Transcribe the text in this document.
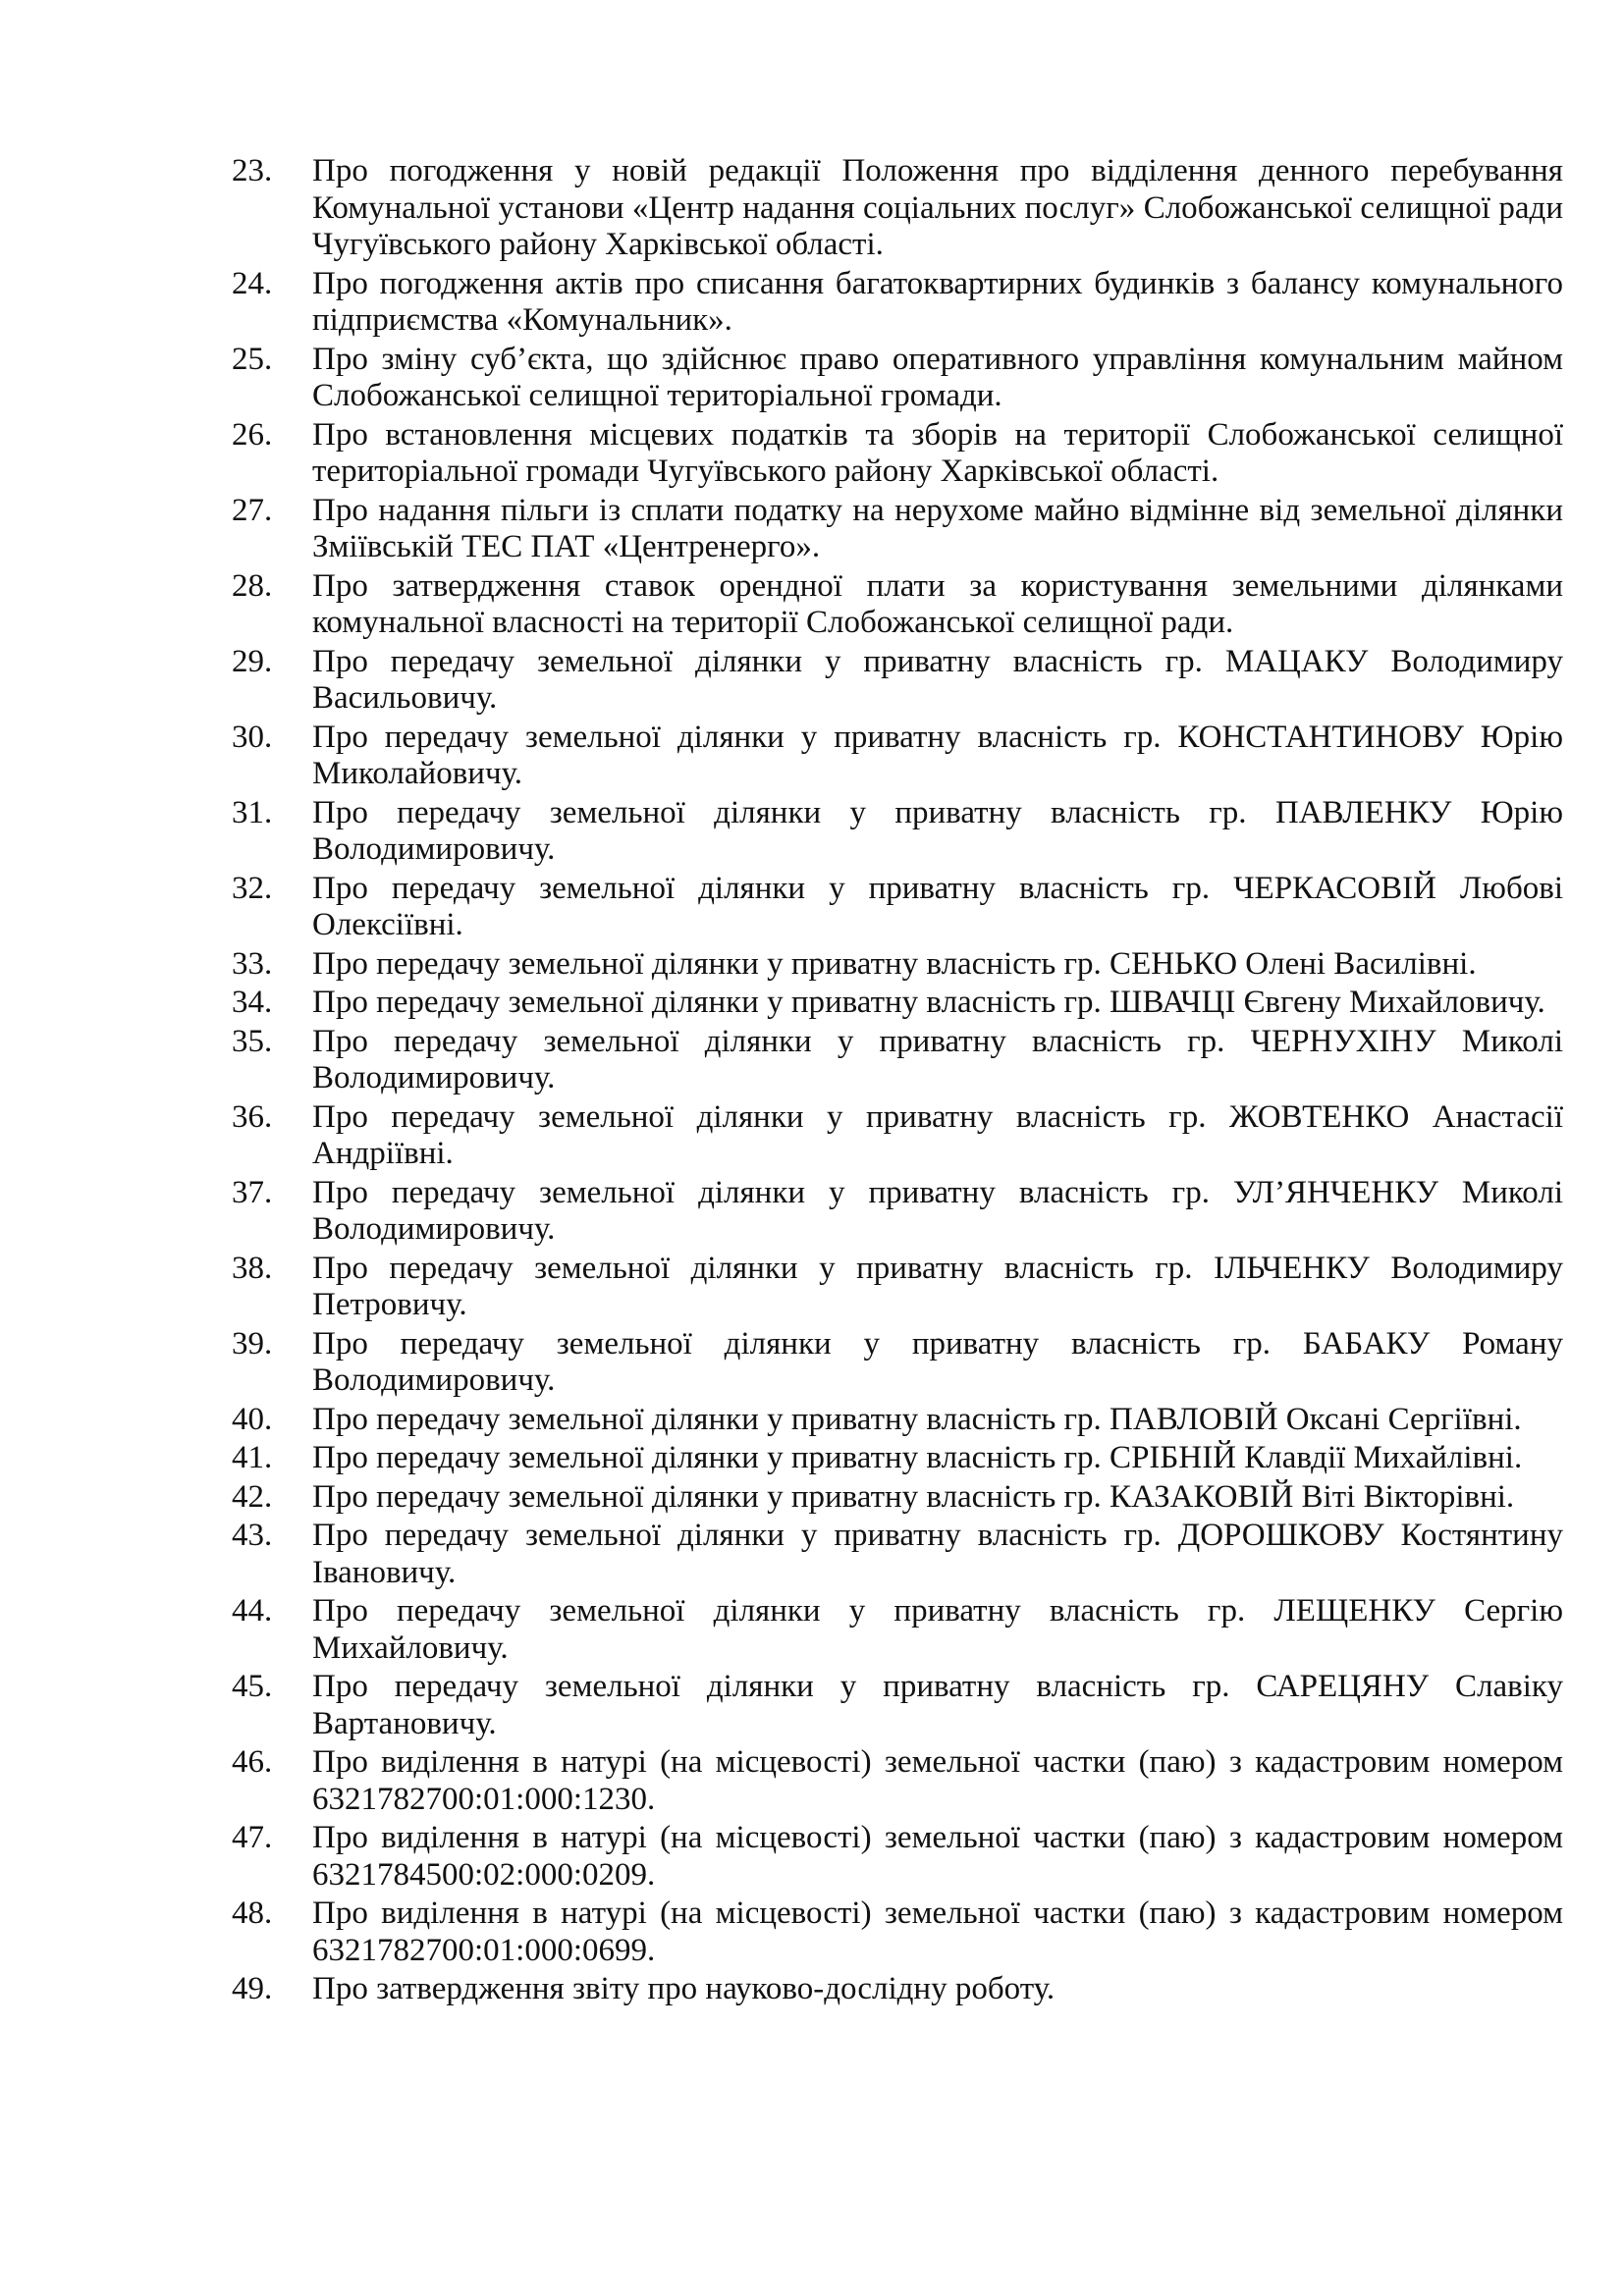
23.	Про погодження у новій редакції Положення про відділення денного перебування Комунальної установи «Центр надання соціальних послуг» Слобожанської селищної ради Чугуївського району Харківської області.
24.	Про погодження актів про списання багатоквартирних будинків з балансу комунального підприємства «Комунальник».
25.	Про зміну суб’єкта, що здійснює право оперативного управління комунальним майном Слобожанської селищної територіальної громади.
26.	Про встановлення місцевих податків та зборів на території Слобожанської селищної територіальної громади Чугуївського району Харківської області.
27.	Про надання пільги із сплати податку на нерухоме майно відмінне від земельної ділянки Зміївській ТЕС ПАТ «Центренерго».
28.	Про затвердження ставок орендної плати за користування земельними ділянками комунальної власності на території Слобожанської селищної ради.
29.	Про передачу земельної ділянки у приватну власність гр. МАЦАКУ Володимиру Васильовичу.
30.	Про передачу земельної ділянки у приватну власність гр. КОНСТАНТИНОВУ Юрію Миколайовичу.
31.	Про передачу земельної ділянки у приватну власність гр. ПАВЛЕНКУ Юрію Володимировичу.
32.	Про передачу земельної ділянки у приватну власність гр. ЧЕРКАСОВІЙ Любові Олексіївні.
33.	Про передачу земельної ділянки у приватну власність гр. СЕНЬКО Олені Василівні.
34.	Про передачу земельної ділянки у приватну власність гр. ШВАЧЦІ Євгену Михайловичу.
35.	Про передачу земельної ділянки у приватну власність гр. ЧЕРНУХІНУ Миколі Володимировичу.
36.	Про передачу земельної ділянки у приватну власність гр. ЖОВТЕНКО Анастасії Андріївні.
37.	Про передачу земельної ділянки у приватну власність гр. УЛ’ЯНЧЕНКУ Миколі Володимировичу.
38.	Про передачу земельної ділянки у приватну власність гр. ІЛЬЧЕНКУ Володимиру Петровичу.
39.	Про передачу земельної ділянки у приватну власність гр. БАБАКУ Роману Володимировичу.
40.	Про передачу земельної ділянки у приватну власність гр. ПАВЛОВІЙ Оксані Сергіївні.
41.	Про передачу земельної ділянки у приватну власність гр. СРІБНІЙ Клавдії Михайлівні.
42.	Про передачу земельної ділянки у приватну власність гр. КАЗАКОВІЙ Віті Вікторівні.
43.	Про передачу земельної ділянки у приватну власність гр. ДОРОШКОВУ Костянтину Івановичу.
44.	Про передачу земельної ділянки у приватну власність гр. ЛЕЩЕНКУ Сергію Михайловичу.
45.	Про передачу земельної ділянки у приватну власність гр. САРЕЦЯНУ Славіку Вартановичу.
46.	Про виділення в натурі (на місцевості) земельної частки (паю) з кадастровим номером 6321782700:01:000:1230.
47.	Про виділення в натурі (на місцевості) земельної частки (паю) з кадастровим номером 6321784500:02:000:0209.
48.	Про виділення в натурі (на місцевості) земельної частки (паю) з кадастровим номером 6321782700:01:000:0699.
49.	Про затвердження звіту про науково-дослідну роботу.
